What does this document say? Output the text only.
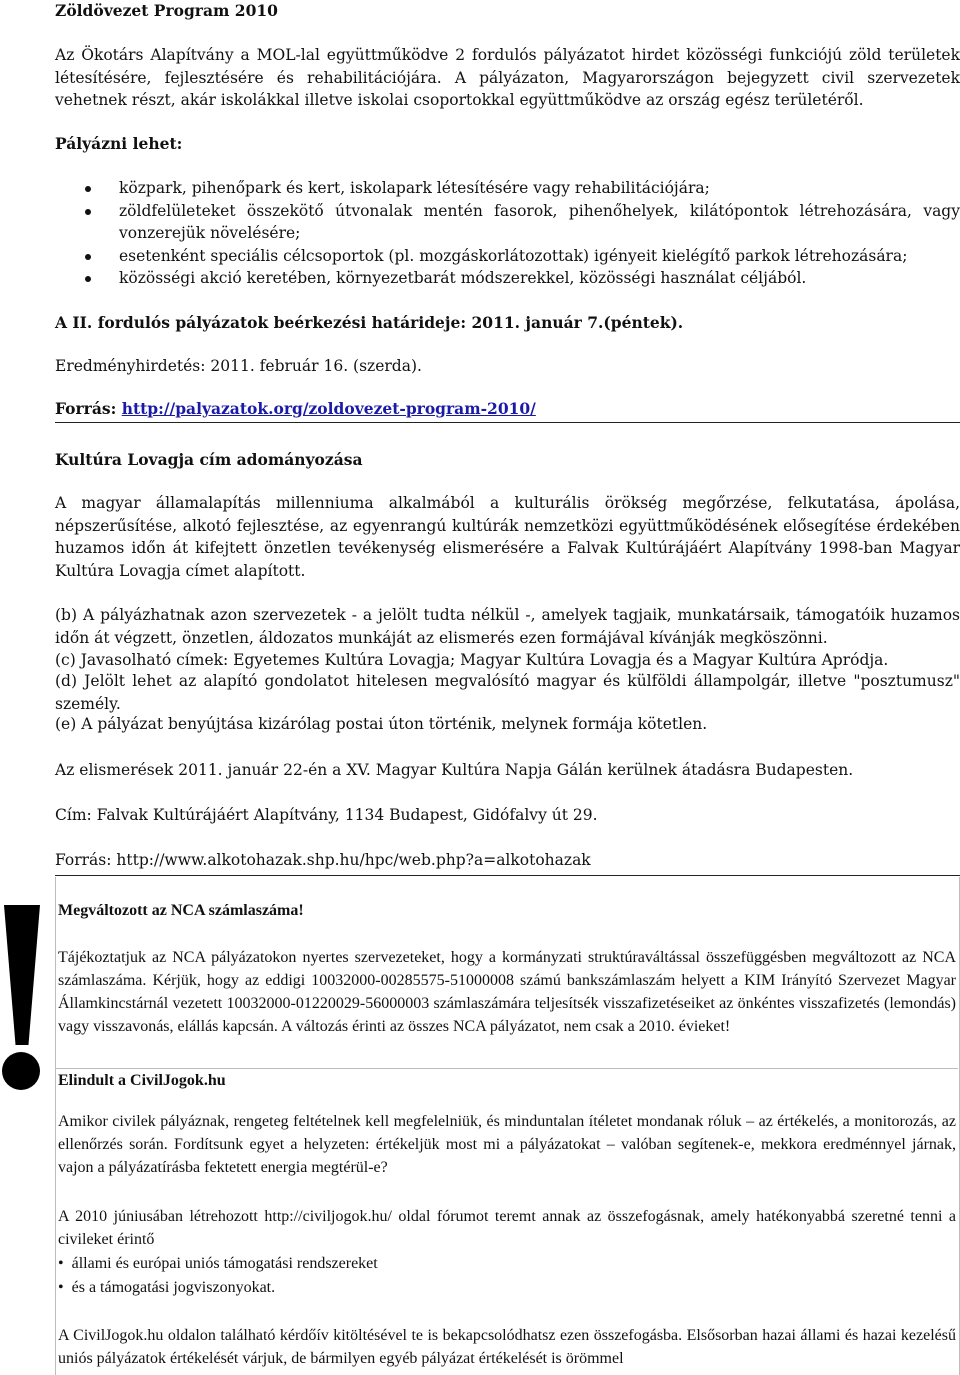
Zöldövezet Program 2010

Az Ökotárs Alapítvány a MOL-lal együttműködve 2 fordulós pályázatot hirdet közösségi funkciójú zöld területek létesítésére, fejlesztésére és rehabilitációjára. A pályázaton, Magyarországon bejegyzett civil szervezetek vehetnek részt, akár iskolákkal illetve iskolai csoportokkal együttműködve az ország egész területéről.

Pályázni lehet:

közpark, pihenőpark és kert, iskolapark létesítésére vagy rehabilitációjára;
zöldfelületeket összekötő útvonalak mentén fasorok, pihenőhelyek, kilátópontok létrehozására, vagy vonzerejük növelésére;
esetenként speciális célcsoportok (pl. mozgáskorlátozottak) igényeit kielégítő parkok létrehozására;
közösségi akció keretében, környezetbarát módszerekkel, közösségi használat céljából.

A II. fordulós pályázatok beérkezési határideje: 2011. január 7.(péntek).

Eredményhirdetés: 2011. február 16. (szerda).

Forrás: http://palyazatok.org/zoldovezet-program-2010/

Kultúra Lovagja cím adományozása

A magyar államalapítás millenniuma alkalmából a kulturális örökség megőrzése, felkutatása, ápolása, népszerűsítése, alkotó fejlesztése, az egyenrangú kultúrák nemzetközi együttműködésének elősegítése érdekében huzamos időn át kifejtett önzetlen tevékenység elismerésére a Falvak Kultúrájáért Alapítvány 1998-ban Magyar Kultúra Lovagja címet alapított.

(b) A pályázhatnak azon szervezetek - a jelölt tudta nélkül -, amelyek tagjaik, munkatársaik, támogatóik huzamos időn át végzett, önzetlen, áldozatos munkáját az elismerés ezen formájával kívánják megköszönni.

(c) Javasolható címek: Egyetemes Kultúra Lovagja; Magyar Kultúra Lovagja és a Magyar Kultúra Apródja.

(d) Jelölt lehet az alapító gondolatot hitelesen megvalósító magyar és külföldi állampolgár, illetve "posztumusz" személy.

(e) A pályázat benyújtása kizárólag postai úton történik, melynek formája kötetlen.

Az elismerések 2011. január 22-én a XV. Magyar Kultúra Napja Gálán kerülnek átadásra Budapesten.

Cím: Falvak Kultúrájáért Alapítvány, 1134 Budapest, Gidófalvy út 29.

Forrás: http://www.alkotohazak.shp.hu/hpc/web.php?a=alkotohazak

Megváltozott az NCA számlaszáma!

Tájékoztatjuk az NCA pályázatokon nyertes szervezeteket, hogy a kormányzati struktúraváltással összefüggésben megváltozott az NCA számlaszáma. Kérjük, hogy az eddigi 10032000-00285575-51000008 számú bankszámlaszám helyett a KIM Irányító Szervezet Magyar Államkincstárnál vezetett 10032000-01220029-56000003 számlaszámára teljesítsék visszafizetéseiket az önkéntes visszafizetés (lemondás) vagy visszavonás, elállás kapcsán. A változás érinti az összes NCA pályázatot, nem csak a 2010. évieket!

Elindult a CivilJogok.hu

Amikor civilek pályáznak, rengeteg feltételnek kell megfelelniük, és minduntalan ítéletet mondanak róluk – az értékelés, a monitorozás, az ellenőrzés során. Fordítsunk egyet a helyzeten: értékeljük most mi a pályázatokat – valóban segítenek-e, mekkora eredménnyel járnak, vajon a pályázatírásba fektetett energia megtérül-e?

A 2010 júniusában létrehozott http://civiljogok.hu/ oldal fórumot teremt annak az összefogásnak, amely hatékonyabbá szeretné tenni a civileket érintő

• állami és európai uniós támogatási rendszereket
• és a támogatási jogviszonyokat.

A CivilJogok.hu oldalon található kérdőív kitöltésével te is bekapcsolódhatsz ezen összefogásba. Elsősorban hazai állami és hazai kezelésű uniós pályázatok értékelését várjuk, de bármilyen egyéb pályázat értékelését is örömmel
